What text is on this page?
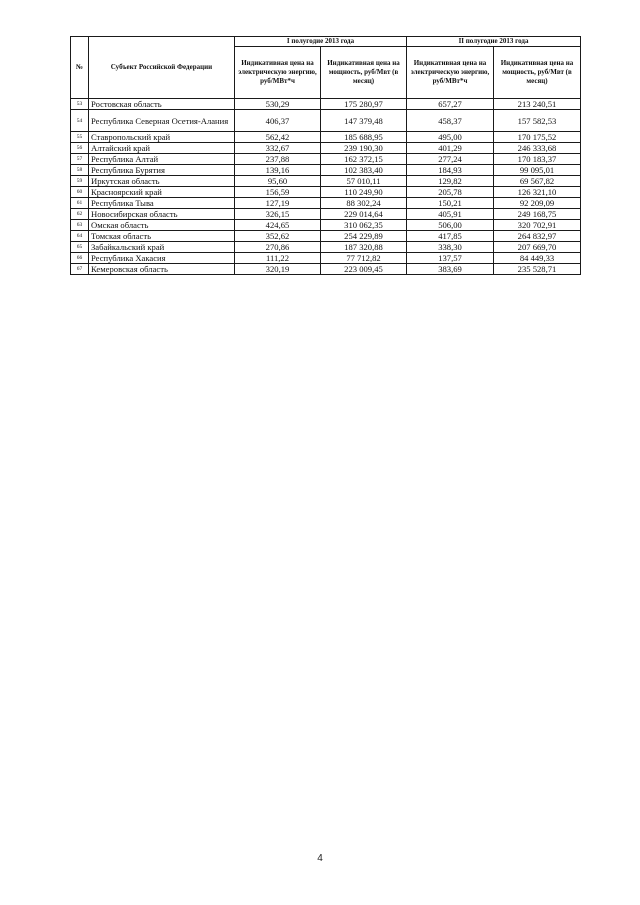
№	Субъект Российской Федерации	I полугодие 2013 года		II полугодие 2013 года	
		Индикативная цена на электрическую энергию, руб/МВт*ч	Индикативная цена на мощность, руб/Мвт (в месяц)	Индикативная цена на электрическую энергию, руб/МВт*ч	Индикативная цена на мощность, руб/Мвт (в месяц)
53	Ростовская область	530,29	175 280,97	657,27	213 240,51
54	Республика Северная Осетия-Алания	406,37	147 379,48	458,37	157 582,53
55	Ставропольский край	562,42	185 688,95	495,00	170 175,52
56	Алтайский край	332,67	239 190,30	401,29	246 333,68
57	Республика Алтай	237,88	162 372,15	277,24	170 183,37
58	Республика Бурятия	139,16	102 383,40	184,93	99 095,01
59	Иркутская область	95,60	57 010,11	129,82	69 567,82
60	Красноярский край	156,59	110 249,90	205,78	126 321,10
61	Республика Тыва	127,19	88 302,24	150,21	92 209,09
62	Новосибирская область	326,15	229 014,64	405,91	249 168,75
63	Омская область	424,65	310 062,35	506,00	320 702,91
64	Томская область	352,62	254 229,89	417,85	264 832,97
65	Забайкальский край	270,86	187 320,88	338,30	207 669,70
66	Республика Хакасия	111,22	77 712,82	137,57	84 449,33
67	Кемеровская область	320,19	223 009,45	383,69	235 528,71
4
